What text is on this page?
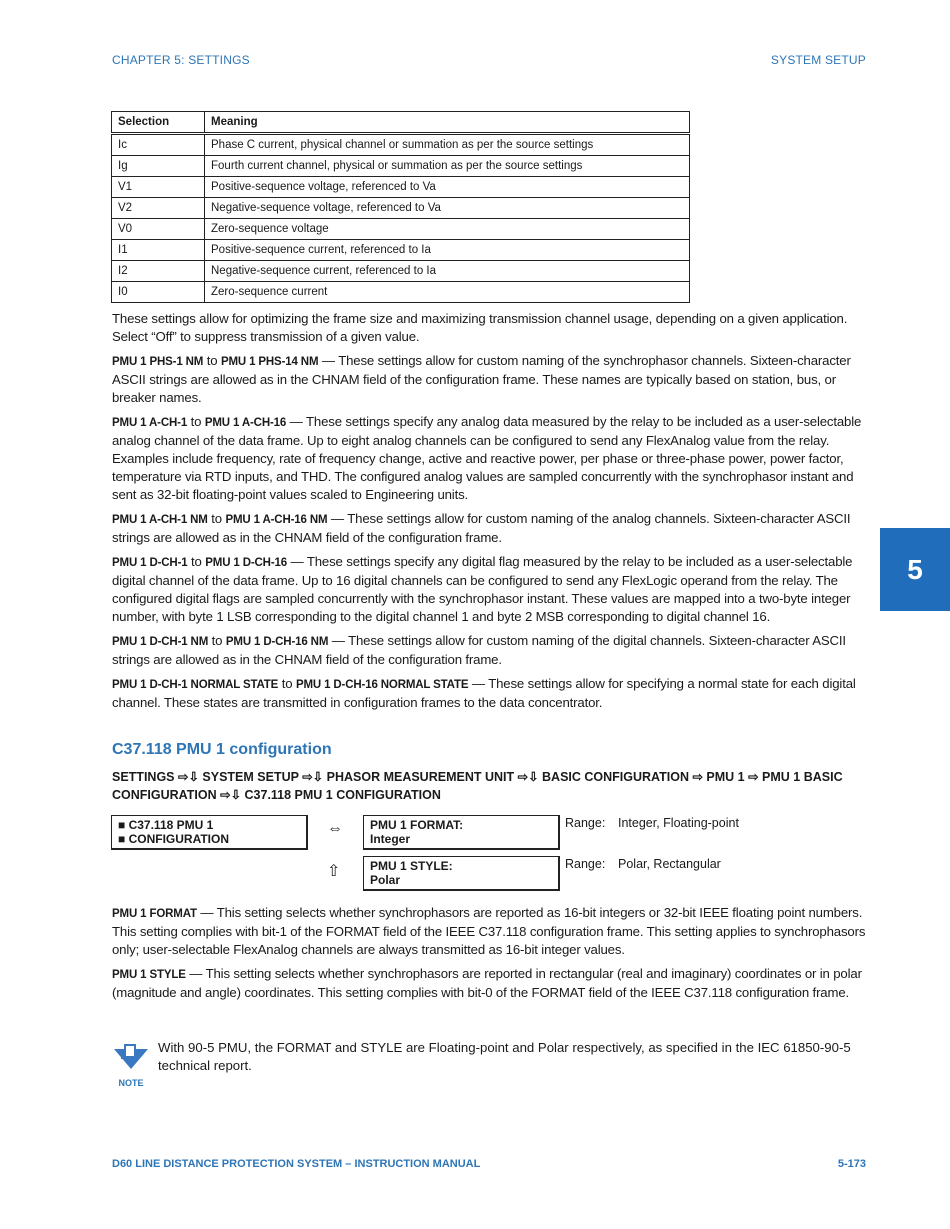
CHAPTER 5: SETTINGS	SYSTEM SETUP
Selection	Meaning
Ic	Phase C current, physical channel or summation as per the source settings
Ig	Fourth current channel, physical or summation as per the source settings
V1	Positive-sequence voltage, referenced to Va
V2	Negative-sequence voltage, referenced to Va
V0	Zero-sequence voltage
I1	Positive-sequence current, referenced to Ia
I2	Negative-sequence current, referenced to Ia
I0	Zero-sequence current

These settings allow for optimizing the frame size and maximizing transmission channel usage, depending on a given application. Select “Off” to suppress transmission of a given value.

PMU 1 PHS-1 NM to PMU 1 PHS-14 NM — These settings allow for custom naming of the synchrophasor channels. Sixteen-character ASCII strings are allowed as in the CHNAM field of the configuration frame. These names are typically based on station, bus, or breaker names.

PMU 1 A-CH-1 to PMU 1 A-CH-16 — These settings specify any analog data measured by the relay to be included as a user-selectable analog channel of the data frame. Up to eight analog channels can be configured to send any FlexAnalog value from the relay. Examples include frequency, rate of frequency change, active and reactive power, per phase or three-phase power, power factor, temperature via RTD inputs, and THD. The configured analog values are sampled concurrently with the synchrophasor instant and sent as 32-bit floating-point values scaled to Engineering units.

PMU 1 A-CH-1 NM to PMU 1 A-CH-16 NM — These settings allow for custom naming of the analog channels. Sixteen-character ASCII strings are allowed as in the CHNAM field of the configuration frame.

PMU 1 D-CH-1 to PMU 1 D-CH-16 — These settings specify any digital flag measured by the relay to be included as a user-selectable digital channel of the data frame. Up to 16 digital channels can be configured to send any FlexLogic operand from the relay. The configured digital flags are sampled concurrently with the synchrophasor instant. These values are mapped into a two-byte integer number, with byte 1 LSB corresponding to the digital channel 1 and byte 2 MSB corresponding to digital channel 16.

PMU 1 D-CH-1 NM to PMU 1 D-CH-16 NM — These settings allow for custom naming of the digital channels. Sixteen-character ASCII strings are allowed as in the CHNAM field of the configuration frame.

PMU 1 D-CH-1 NORMAL STATE to PMU 1 D-CH-16 NORMAL STATE — These settings allow for specifying a normal state for each digital channel. These states are transmitted in configuration frames to the data concentrator.

C37.118 PMU 1 configuration
SETTINGS ⇨⇩ SYSTEM SETUP ⇨⇩ PHASOR MEASUREMENT UNIT ⇨⇩ BASIC CONFIGURATION ⇨ PMU 1 ⇨ PMU 1 BASIC CONFIGURATION ⇨⇩ C37.118 PMU 1 CONFIGURATION
■ C37.118 PMU 1
■ CONFIGURATION
⇔
⇧
PMU 1 FORMAT:
Integer
PMU 1 STYLE:
Polar
Range: Integer, Floating-point
Range: Polar, Rectangular

PMU 1 FORMAT — This setting selects whether synchrophasors are reported as 16-bit integers or 32-bit IEEE floating point numbers. This setting complies with bit-1 of the FORMAT field of the IEEE C37.118 configuration frame. This setting applies to synchrophasors only; user-selectable FlexAnalog channels are always transmitted as 16-bit integer values.

PMU 1 STYLE — This setting selects whether synchrophasors are reported in rectangular (real and imaginary) coordinates or in polar (magnitude and angle) coordinates. This setting complies with bit-0 of the FORMAT field of the IEEE C37.118 configuration frame.

NOTE
With 90-5 PMU, the FORMAT and STYLE are Floating-point and Polar respectively, as specified in the IEC 61850-90-5 technical report.
5
D60 LINE DISTANCE PROTECTION SYSTEM – INSTRUCTION MANUAL	5-173
